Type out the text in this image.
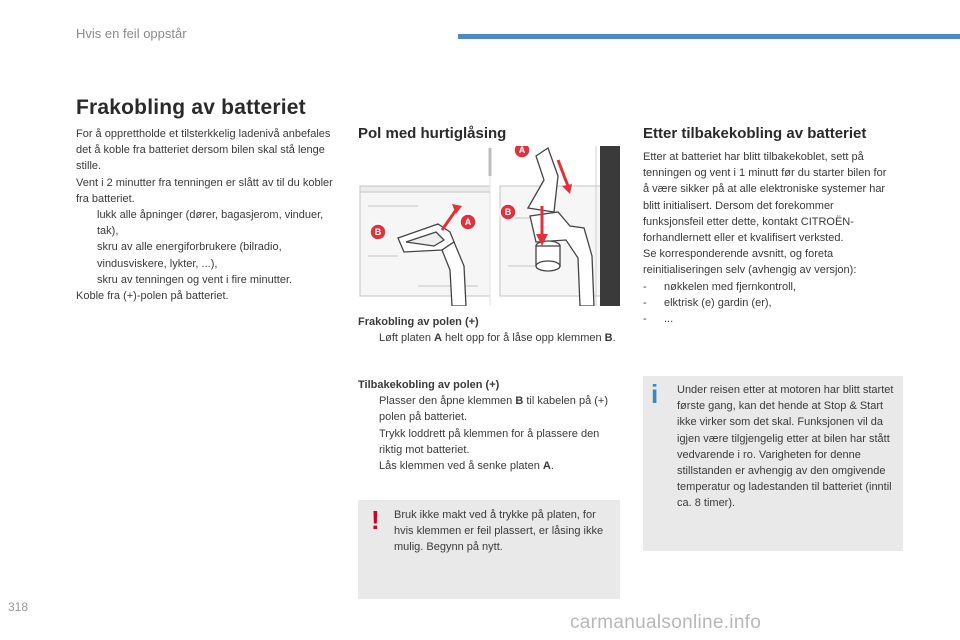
Hvis en feil oppstår
Frakobling av batteriet

For å opprettholde et tilsterkkelig ladenivå anbefales det å koble fra batteriet dersom bilen skal stå lenge stille.

Vent i 2 minutter fra tenningen er slått av til du kobler fra batteriet.

lukk alle åpninger (dører, bagasjerom, vinduer, tak),
skru av alle energiforbrukere (bilradio, vindusviskere, lykter, ...),
skru av tenningen og vent i fire minutter.

Koble fra (+)-polen på batteriet.

Pol med hurtiglåsing
A
B
A
B

Frakobling av polen (+)

Løft platen A helt opp for å låse opp klemmen B.

Tilbakekobling av polen (+)

Plasser den åpne klemmen B til kabelen på (+) polen på batteriet.
Trykk loddrett på klemmen for å plassere den riktig mot batteriet.
Lås klemmen ved å senke platen A.
! Bruk ikke makt ved å trykke på platen, for hvis klemmen er feil plassert, er låsing ikke mulig. Begynn på nytt.
Etter tilbakekobling av batteriet

Etter at batteriet har blitt tilbakekoblet, sett på tenningen og vent i 1 minutt før du starter bilen for å være sikker på at alle elektroniske systemer har blitt initialisert. Dersom det forekommer funksjonsfeil etter dette, kontakt CITROËN-forhandlernett eller et kvalifisert verksted.

Se korresponderende avsnitt, og foreta reinitialiseringen selv (avhengig av versjon):

-	nøkkelen med fjernkontroll,
-	elktrisk (e) gardin (er),
-	...
i Under reisen etter at motoren har blitt startet første gang, kan det hende at Stop & Start ikke virker som det skal. Funksjonen vil da igjen være tilgjengelig etter at bilen har stått vedvarende i ro. Varigheten for denne stillstanden er avhengig av den omgivende temperatur og ladestanden til batteriet (inntil ca. 8 timer).
318
carmanualsonline.info
